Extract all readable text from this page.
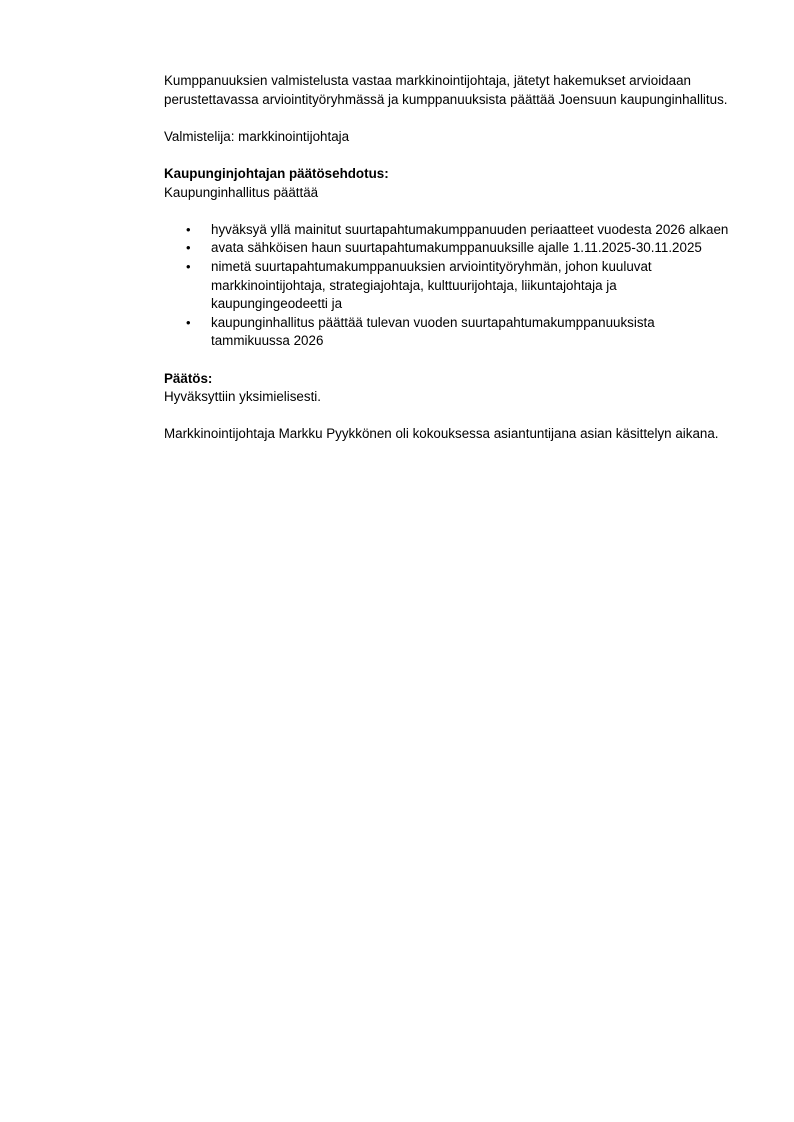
Kumppanuuksien valmistelusta vastaa markkinointijohtaja, jätetyt hakemukset arvioidaan perustettavassa arviointityöryhmässä ja kumppanuuksista päättää Joensuun kaupunginhallitus.

Valmistelija: markkinointijohtaja

Kaupunginjohtajan päätösehdotus:

Kaupunginhallitus päättää

• hyväksyä yllä mainitut suurtapahtumakumppanuuden periaatteet vuodesta 2026 alkaen
• avata sähköisen haun suurtapahtumakumppanuuksille ajalle 1.11.2025-30.11.2025
• nimetä suurtapahtumakumppanuuksien arviointityöryhmän, johon kuuluvat markkinointijohtaja, strategiajohtaja, kulttuurijohtaja, liikuntajohtaja ja kaupungingeodeetti ja
• kaupunginhallitus päättää tulevan vuoden suurtapahtumakumppanuuksista tammikuussa 2026

Päätös:

Hyväksyttiin yksimielisesti.

Markkinointijohtaja Markku Pyykkönen oli kokouksessa asiantuntijana asian käsittelyn aikana.
